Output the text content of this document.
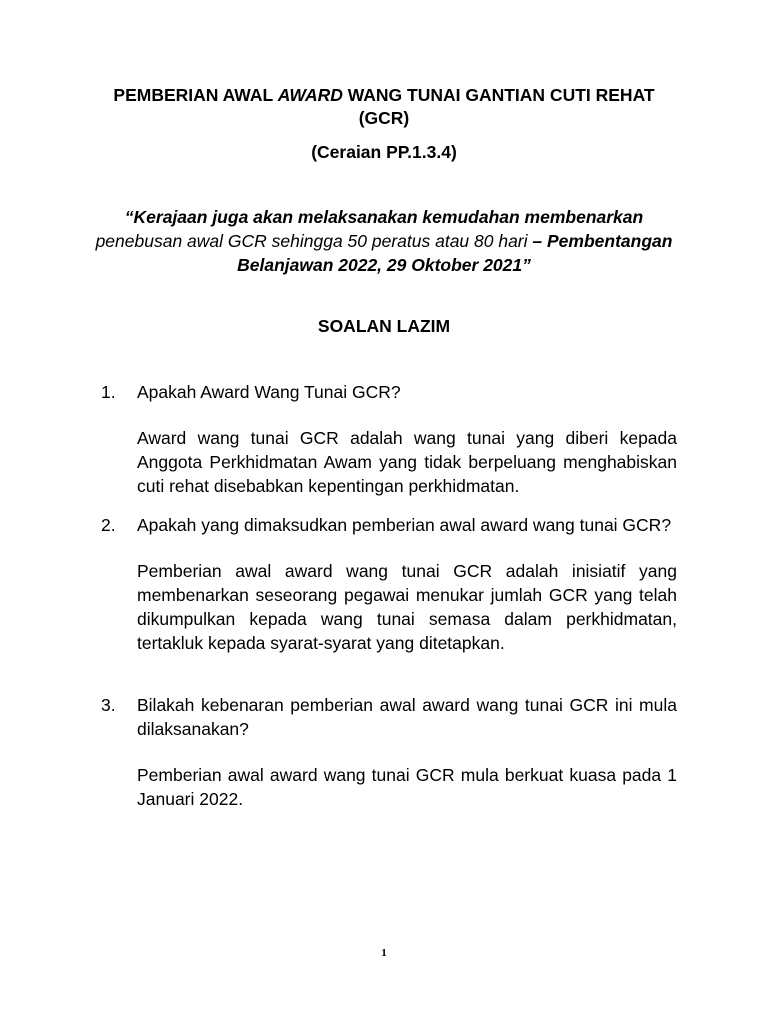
PEMBERIAN AWAL AWARD WANG TUNAI GANTIAN CUTI REHAT (GCR)
(Ceraian PP.1.3.4)
“Kerajaan juga akan melaksanakan kemudahan membenarkan penebusan awal GCR sehingga 50 peratus atau 80 hari – Pembentangan Belanjawan 2022, 29 Oktober 2021”
SOALAN LAZIM
1. Apakah Award Wang Tunai GCR?
Award wang tunai GCR adalah wang tunai yang diberi kepada Anggota Perkhidmatan Awam yang tidak berpeluang menghabiskan cuti rehat disebabkan kepentingan perkhidmatan.
2. Apakah yang dimaksudkan pemberian awal award wang tunai GCR?
Pemberian awal award wang tunai GCR adalah inisiatif yang membenarkan seseorang pegawai menukar jumlah GCR yang telah dikumpulkan kepada wang tunai semasa dalam perkhidmatan, tertakluk kepada syarat-syarat yang ditetapkan.
3. Bilakah kebenaran pemberian awal award wang tunai GCR ini mula dilaksanakan?
Pemberian awal award wang tunai GCR mula berkuat kuasa pada 1 Januari 2022.
1
